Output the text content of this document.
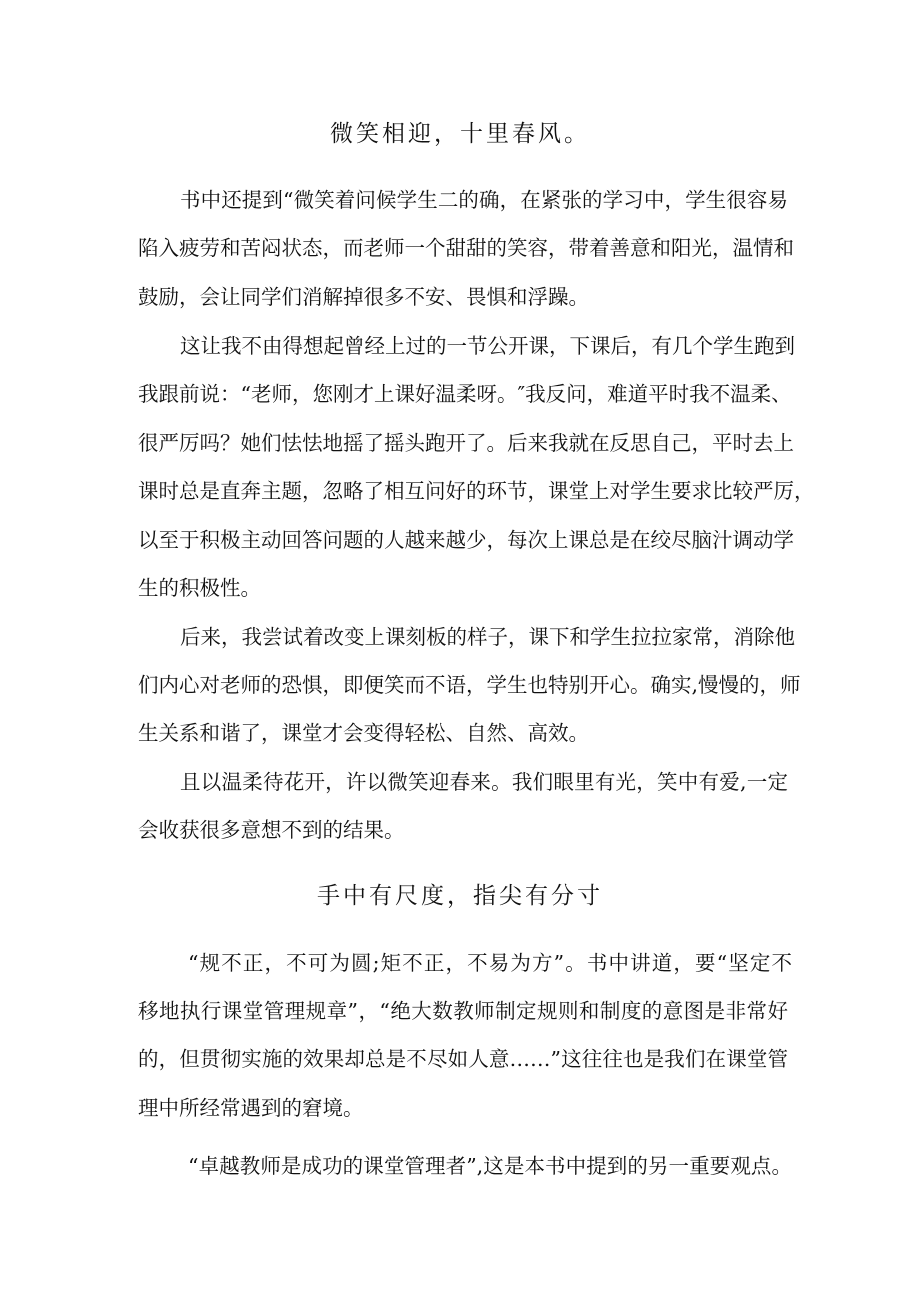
微笑相迎，十里春风。
书中还提到“微笑着问候学生二的确，在紧张的学习中，学生很容易
陷入疲劳和苦闷状态，而老师一个甜甜的笑容，带着善意和阳光，温情和
鼓励，会让同学们消解掉很多不安、畏惧和浮躁。
这让我不由得想起曾经上过的一节公开课，下课后，有几个学生跑到
我跟前说：“老师，您刚才上课好温柔呀。″我反问，难道平时我不温柔、
很严厉吗？她们怯怯地摇了摇头跑开了。后来我就在反思自己，平时去上
课时总是直奔主题，忽略了相互问好的环节，课堂上对学生要求比较严厉，
以至于积极主动回答问题的人越来越少，每次上课总是在绞尽脑汁调动学
生的积极性。
后来，我尝试着改变上课刻板的样子，课下和学生拉拉家常，消除他
们内心对老师的恐惧，即便笑而不语，学生也特别开心。确实,慢慢的，师
生关系和谐了，课堂才会变得轻松、自然、高效。
且以温柔待花开，许以微笑迎春来。我们眼里有光，笑中有爱,一定
会收获很多意想不到的结果。
手中有尺度，指尖有分寸
“规不正，不可为圆;矩不正，不易为方”。书中讲道，要“坚定不
移地执行课堂管理规章”，“绝大数教师制定规则和制度的意图是非常好
的，但贯彻实施的效果却总是不尽如人意……”这往往也是我们在课堂管
理中所经常遇到的窘境。
“卓越教师是成功的课堂管理者”,这是本书中提到的另一重要观点。
